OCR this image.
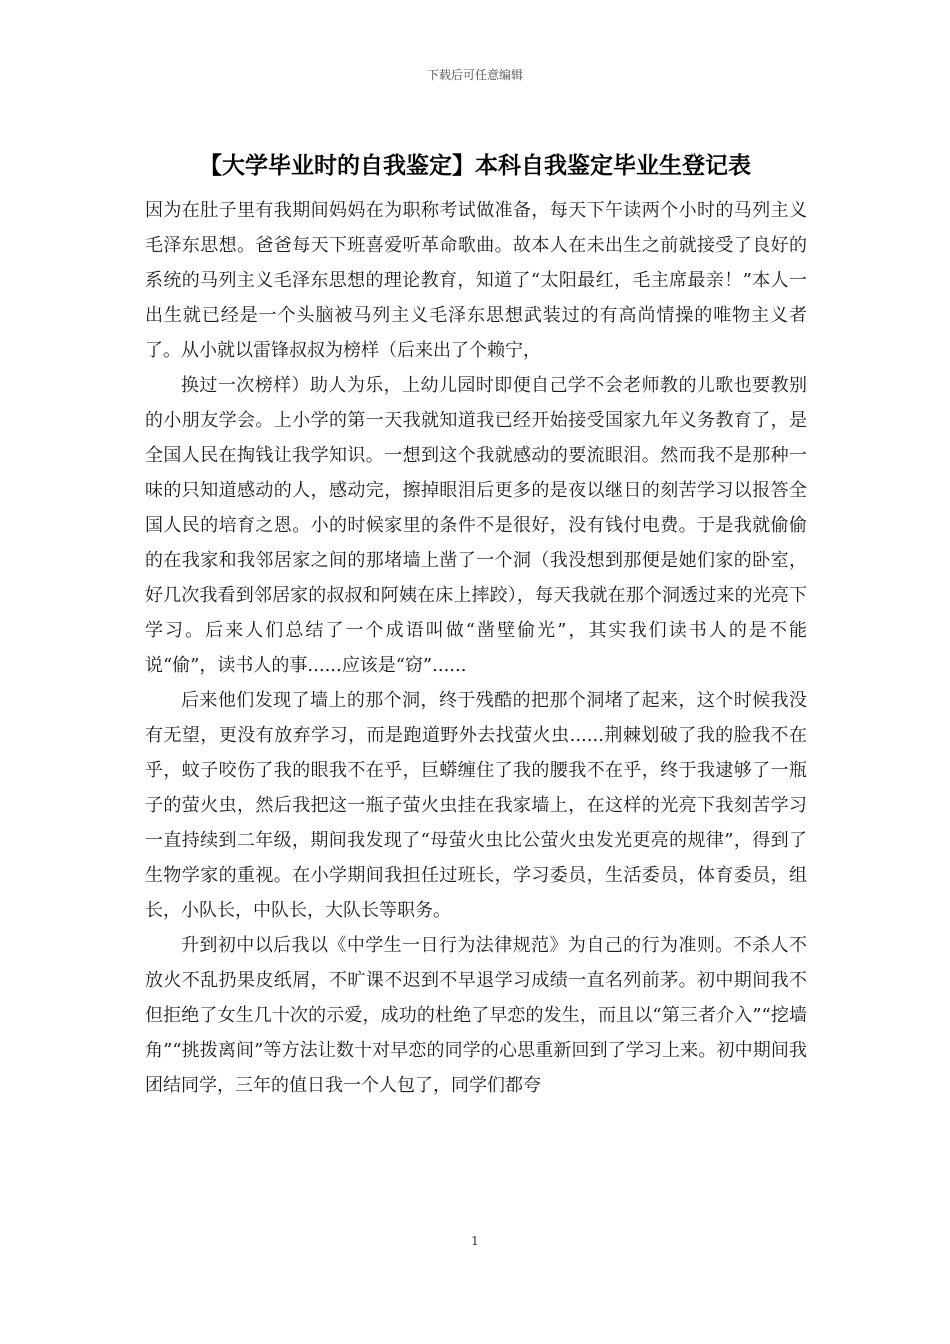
下载后可任意编辑
【大学毕业时的自我鉴定】本科自我鉴定毕业生登记表

因为在肚子里有我期间妈妈在为职称考试做准备，每天下午读两个小时的马列主义毛泽东思想。爸爸每天下班喜爱听革命歌曲。故本人在未出生之前就接受了良好的系统的马列主义毛泽东思想的理论教育，知道了“太阳最红，毛主席最亲！”本人一出生就已经是一个头脑被马列主义毛泽东思想武装过的有高尚情操的唯物主义者了。从小就以雷锋叔叔为榜样（后来出了个赖宁，

换过一次榜样）助人为乐，上幼儿园时即便自己学不会老师教的儿歌也要教别的小朋友学会。上小学的第一天我就知道我已经开始接受国家九年义务教育了，是全国人民在掏钱让我学知识。一想到这个我就感动的要流眼泪。然而我不是那种一味的只知道感动的人，感动完，擦掉眼泪后更多的是夜以继日的刻苦学习以报答全国人民的培育之恩。小的时候家里的条件不是很好，没有钱付电费。于是我就偷偷的在我家和我邻居家之间的那堵墙上凿了一个洞（我没想到那便是她们家的卧室，好几次我看到邻居家的叔叔和阿姨在床上摔跤），每天我就在那个洞透过来的光亮下学习。后来人们总结了一个成语叫做“凿壁偷光”，其实我们读书人的是不能说“偷”，读书人的事......应该是“窃”......

后来他们发现了墙上的那个洞，终于残酷的把那个洞堵了起来，这个时候我没有无望，更没有放弃学习，而是跑道野外去找萤火虫......荆棘划破了我的脸我不在乎，蚊子咬伤了我的眼我不在乎，巨蟒缠住了我的腰我不在乎，终于我逮够了一瓶子的萤火虫，然后我把这一瓶子萤火虫挂在我家墙上，在这样的光亮下我刻苦学习一直持续到二年级，期间我发现了“母萤火虫比公萤火虫发光更亮的规律”，得到了生物学家的重视。在小学期间我担任过班长，学习委员，生活委员，体育委员，组长，小队长，中队长，大队长等职务。

升到初中以后我以《中学生一日行为法律规范》为自己的行为准则。不杀人不放火不乱扔果皮纸屑，不旷课不迟到不早退学习成绩一直名列前茅。初中期间我不但拒绝了女生几十次的示爱，成功的杜绝了早恋的发生，而且以“第三者介入”“挖墙角”“挑拨离间”等方法让数十对早恋的同学的心思重新回到了学习上来。初中期间我团结同学，三年的值日我一个人包了，同学们都夸

1
